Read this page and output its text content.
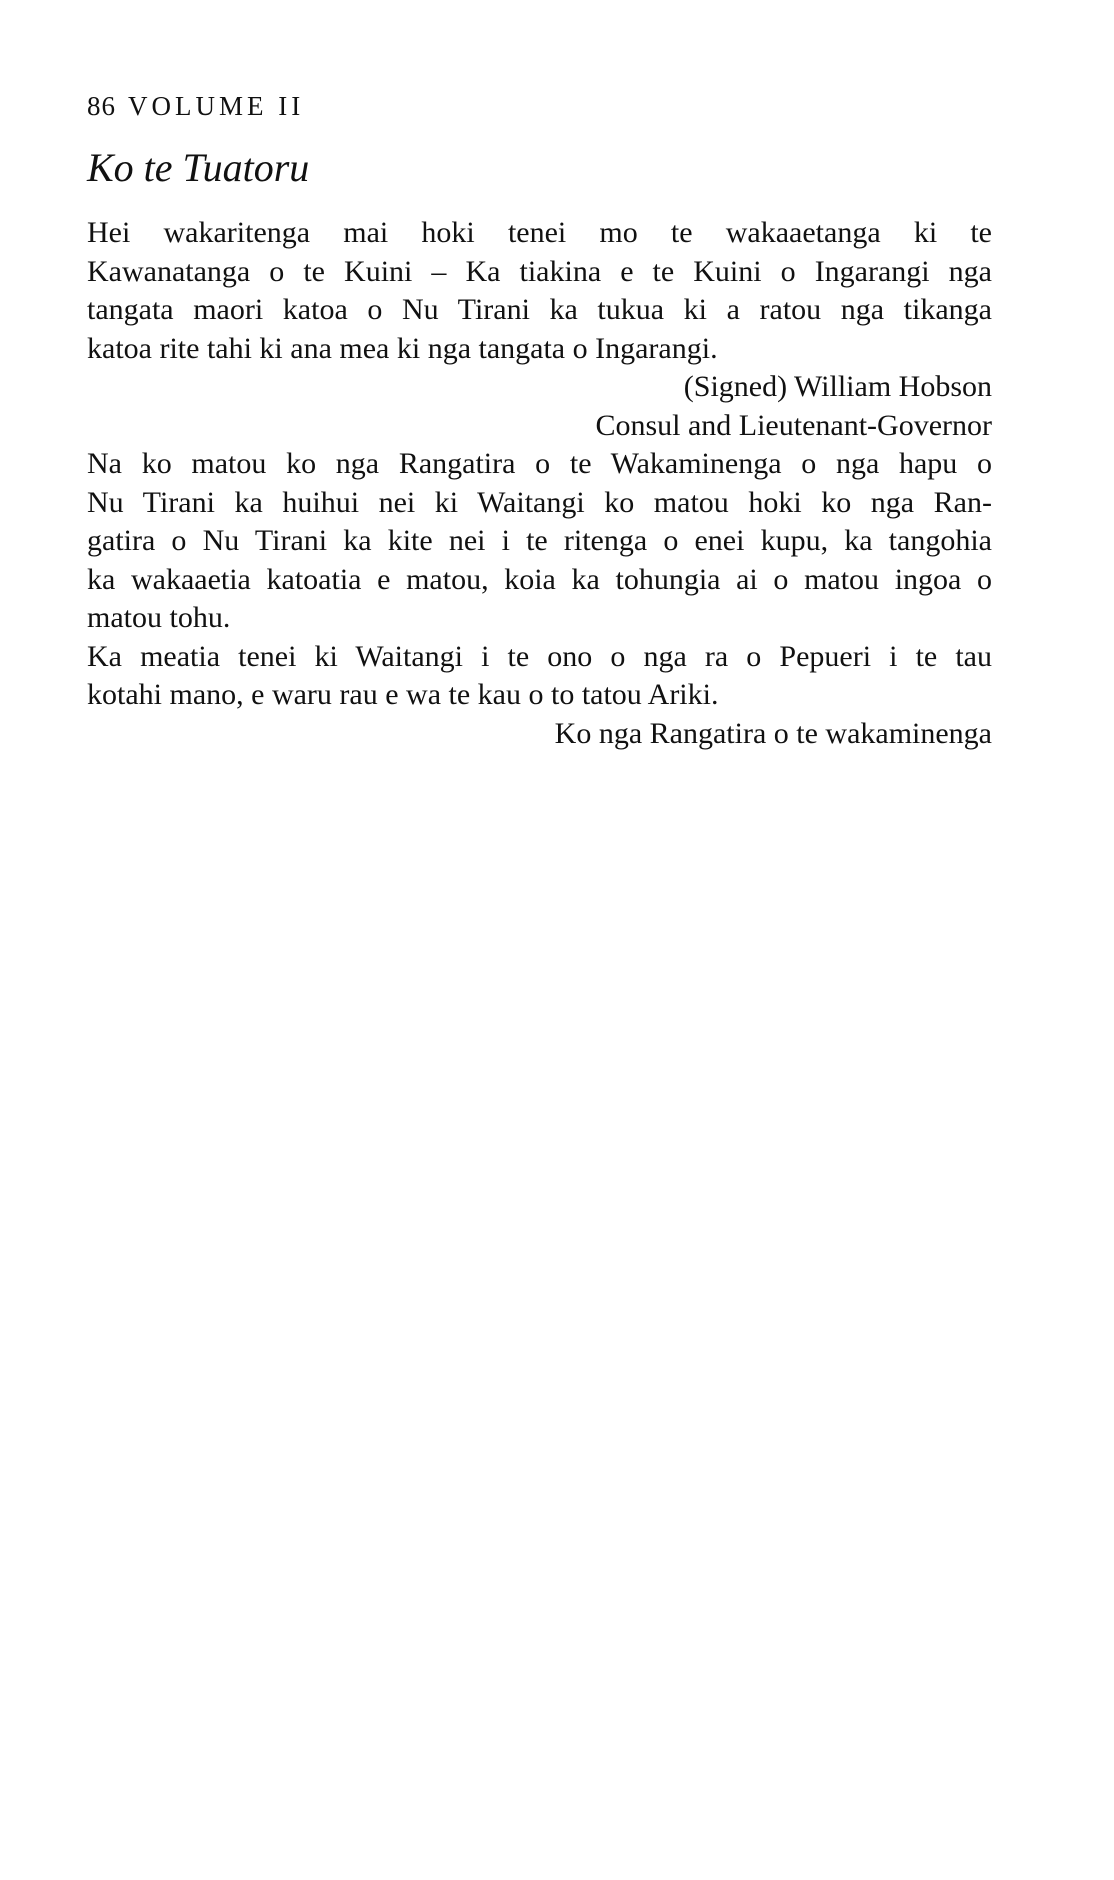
86 VOLUME II

Ko te Tuatoru

Hei wakaritenga mai hoki tenei mo te wakaaetanga ki te
Kawanatanga o te Kuini – Ka tiakina e te Kuini o Ingarangi nga
tangata maori katoa o Nu Tirani ka tukua ki a ratou nga tikanga
katoa rite tahi ki ana mea ki nga tangata o Ingarangi.

(Signed) William Hobson

Consul and Lieutenant-Governor

Na ko matou ko nga Rangatira o te Wakaminenga o nga hapu o
Nu Tirani ka huihui nei ki Waitangi ko matou hoki ko nga Ran-
gatira o Nu Tirani ka kite nei i te ritenga o enei kupu, ka tangohia
ka wakaaetia katoatia e matou, koia ka tohungia ai o matou ingoa o
matou tohu.

Ka meatia tenei ki Waitangi i te ono o nga ra o Pepueri i te tau
kotahi mano, e waru rau e wa te kau o to tatou Ariki.

Ko nga Rangatira o te wakaminenga
